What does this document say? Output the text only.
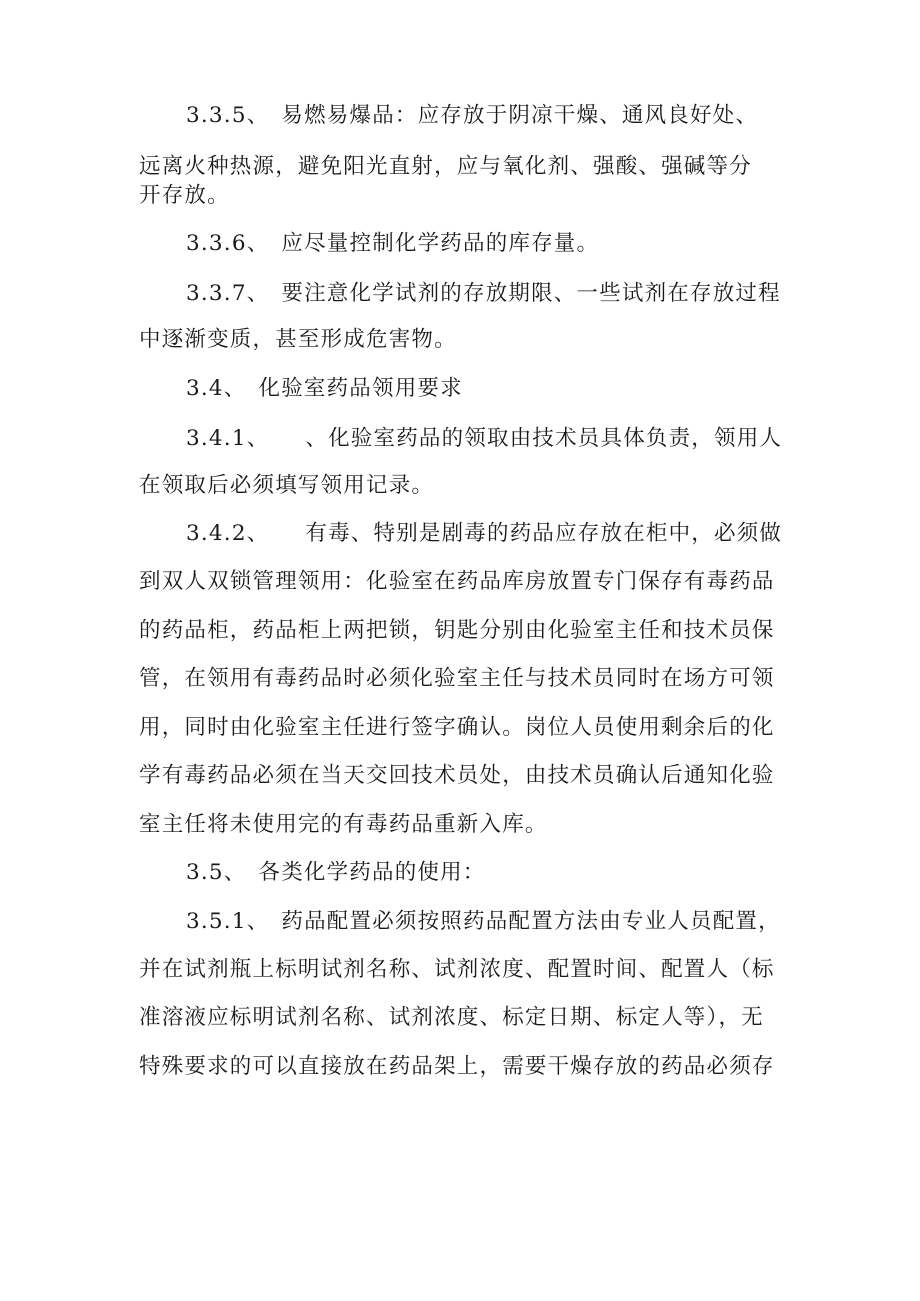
3.3.5、 易燃易爆品：应存放于阴凉干燥、通风良好处、
远离火种热源，避免阳光直射，应与氧化剂、强酸、强碱等分
开存放。
3.3.6、 应尽量控制化学药品的库存量。
3.3.7、 要注意化学试剂的存放期限、一些试剂在存放过程
中逐渐变质，甚至形成危害物。
3.4、 化验室药品领用要求
3.4.1、 、化验室药品的领取由技术员具体负责，领用人
在领取后必须填写领用记录。
3.4.2、 有毒、特别是剧毒的药品应存放在柜中，必须做
到双人双锁管理领用：化验室在药品库房放置专门保存有毒药品
的药品柜，药品柜上两把锁，钥匙分别由化验室主任和技术员保
管，在领用有毒药品时必须化验室主任与技术员同时在场方可领
用，同时由化验室主任进行签字确认。岗位人员使用剩余后的化
学有毒药品必须在当天交回技术员处，由技术员确认后通知化验
室主任将未使用完的有毒药品重新入库。
3.5、 各类化学药品的使用：
3.5.1、 药品配置必须按照药品配置方法由专业人员配置，
并在试剂瓶上标明试剂名称、试剂浓度、配置时间、配置人（标
准溶液应标明试剂名称、试剂浓度、标定日期、标定人等），无
特殊要求的可以直接放在药品架上，需要干燥存放的药品必须存
